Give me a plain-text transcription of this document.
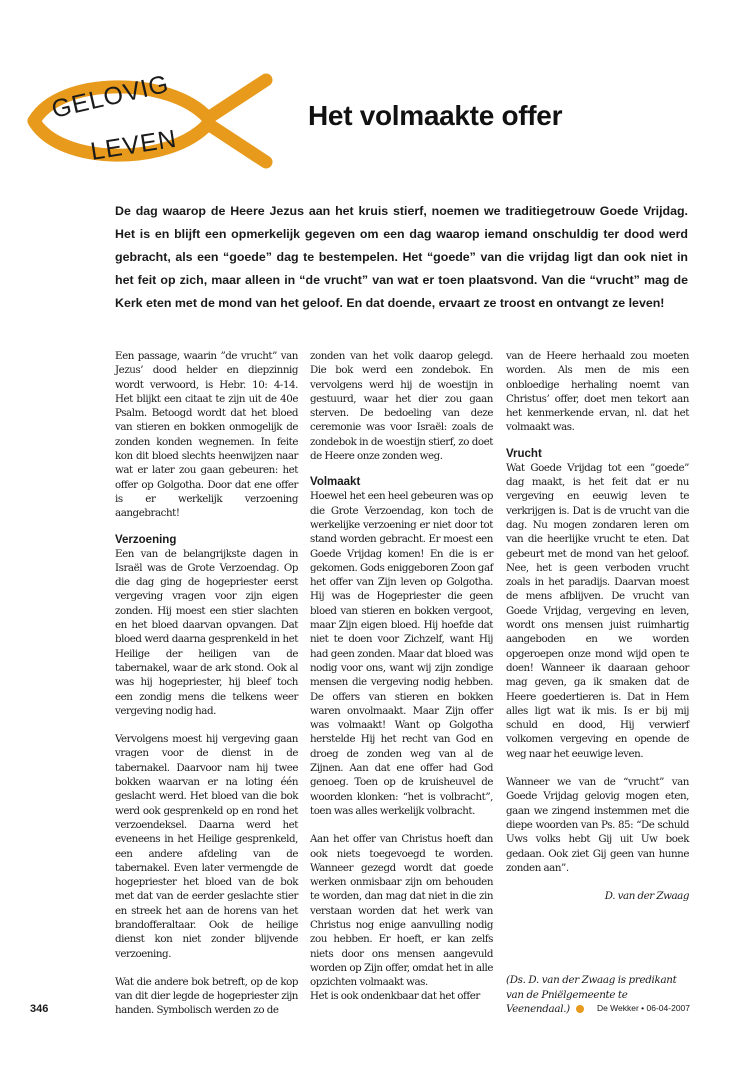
GELOVIG
LEVEN
Het volmaakte offer

De dag waarop de Heere Jezus aan het kruis stierf, noemen we traditiegetrouw Goede Vrijdag. Het is en blijft een opmerkelijk gegeven om een dag waarop iemand onschuldig ter dood werd gebracht, als een “goede” dag te bestempelen. Het “goede” van die vrijdag ligt dan ook niet in het feit op zich, maar alleen in “de vrucht” van wat er toen plaatsvond. Van die “vrucht” mag de Kerk eten met de mond van het geloof. En dat doende, ervaart ze troost en ontvangt ze leven!

Een passage, waarin ”de vrucht” van Jezus’ dood helder en diepzinnig wordt verwoord, is Hebr. 10: 4-14. Het blijkt een citaat te zijn uit de 40e Psalm. Betoogd wordt dat het bloed van stieren en bokken onmogelijk de zonden konden wegnemen. In feite kon dit bloed slechts heenwijzen naar wat er later zou gaan gebeuren: het offer op Golgotha. Door dat ene offer is er werkelijk verzoening aangebracht!

Verzoening

Een van de belangrijkste dagen in Israël was de Grote Verzoendag. Op die dag ging de hogepriester eerst vergeving vragen voor zijn eigen zonden. Hij moest een stier slachten en het bloed daarvan opvangen. Dat bloed werd daarna gesprenkeld in het Heilige der heiligen van de tabernakel, waar de ark stond. Ook al was hij hogepriester, hij bleef toch een zondig mens die telkens weer vergeving nodig had.

Vervolgens moest hij vergeving gaan vragen voor de dienst in de tabernakel. Daarvoor nam hij twee bokken waarvan er na loting één geslacht werd. Het bloed van die bok werd ook gesprenkeld op en rond het verzoendeksel. Daarna werd het eveneens in het Heilige gesprenkeld, een andere afdeling van de tabernakel. Even later vermengde de hogepriester het bloed van de bok met dat van de eerder geslachte stier en streek het aan de horens van het brandofferaltaar. Ook de heilige dienst kon niet zonder blijvende verzoening.

Wat die andere bok betreft, op de kop van dit dier legde de hogepriester zijn handen. Symbolisch werden zo de

zonden van het volk daarop gelegd. Die bok werd een zondebok. En vervolgens werd hij de woestijn in gestuurd, waar het dier zou gaan sterven. De bedoeling van deze ceremonie was voor Israël: zoals de zondebok in de woestijn stierf, zo doet de Heere onze zonden weg.

Volmaakt

Hoewel het een heel gebeuren was op die Grote Verzoendag, kon toch de werkelijke verzoening er niet door tot stand worden gebracht. Er moest een Goede Vrijdag komen! En die is er gekomen. Gods eniggeboren Zoon gaf het offer van Zijn leven op Golgotha. Hij was de Hogepriester die geen bloed van stieren en bokken vergoot, maar Zijn eigen bloed. Hij hoefde dat niet te doen voor Zichzelf, want Hij had geen zonden. Maar dat bloed was nodig voor ons, want wij zijn zondige mensen die vergeving nodig hebben. De offers van stieren en bokken waren onvolmaakt. Maar Zijn offer was volmaakt! Want op Golgotha herstelde Hij het recht van God en droeg de zonden weg van al de Zijnen. Aan dat ene offer had God genoeg. Toen op de kruisheuvel de woorden klonken: “het is volbracht”, toen was alles werkelijk volbracht.

Aan het offer van Christus hoeft dan ook niets toegevoegd te worden. Wanneer gezegd wordt dat goede werken onmisbaar zijn om behouden te worden, dan mag dat niet in die zin verstaan worden dat het werk van Christus nog enige aanvulling nodig zou hebben. Er hoeft, er kan zelfs niets door ons mensen aangevuld worden op Zijn offer, omdat het in alle opzichten volmaakt was.

Het is ook ondenkbaar dat het offer

van de Heere herhaald zou moeten worden. Als men de mis een onbloedige herhaling noemt van Christus’ offer, doet men tekort aan het kenmerkende ervan, nl. dat het volmaakt was.

Vrucht

Wat Goede Vrijdag tot een ”goede” dag maakt, is het feit dat er nu vergeving en eeuwig leven te verkrijgen is. Dat is de vrucht van die dag. Nu mogen zondaren leren om van die heerlijke vrucht te eten. Dat gebeurt met de mond van het geloof. Nee, het is geen verboden vrucht zoals in het paradijs. Daarvan moest de mens afblijven. De vrucht van Goede Vrijdag, vergeving en leven, wordt ons mensen juist ruimhartig aangeboden en we worden opgeroepen onze mond wijd open te doen! Wanneer ik daaraan gehoor mag geven, ga ik smaken dat de Heere goedertieren is. Dat in Hem alles ligt wat ik mis. Is er bij mij schuld en dood, Hij verwierf volkomen vergeving en opende de weg naar het eeuwige leven.

Wanneer we van de “vrucht” van Goede Vrijdag gelovig mogen eten, gaan we zingend instemmen met die diepe woorden van Ps. 85: “De schuld Uws volks hebt Gij uit Uw boek gedaan. Ook ziet Gij geen van hunne zonden aan”.

D. van der Zwaag

(Ds. D. van der Zwaag is predikant van de Pniëlgemeente te Veenendaal.)

346	De Wekker • 06-04-2007
